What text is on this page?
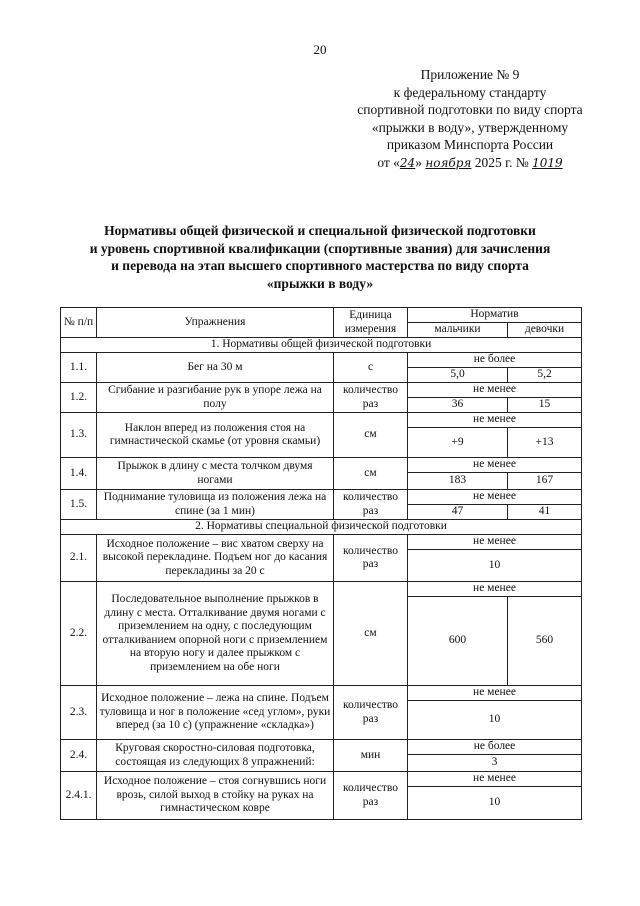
20
Приложение № 9
к федеральному стандарту
спортивной подготовки по виду спорта
«прыжки в воду», утвержденному
приказом Минспорта России
от «24» ноября 2025 г. № 1019
Нормативы общей физической и специальной физической подготовки
и уровень спортивной квалификации (спортивные звания) для зачисления
и перевода на этап высшего спортивного мастерства по виду спорта
«прыжки в воду»
№ п/п	Упражнения	Единица измерения	Норматив	
			мальчики	девочки
1. Нормативы общей физической подготовки				
1.1.	Бег на 30 м	с	не более	
			5,0	5,2
1.2.	Сгибание и разгибание рук в упоре лежа на полу	количество раз	не менее	
			36	15
1.3.	Наклон вперед из положения стоя на гимнастической скамье (от уровня скамьи)	см	не менее	
			+9	+13
1.4.	Прыжок в длину с места толчком двумя ногами	см	не менее	
			183	167
1.5.	Поднимание туловища из положения лежа на спине (за 1 мин)	количество раз	не менее	
			47	41
2. Нормативы специальной физической подготовки				
2.1.	Исходное положение – вис хватом сверху на высокой перекладине. Подъем ног до касания перекладины за 20 с	количество раз	не менее	
			10	
2.2.	Последовательное выполнение прыжков в длину с места. Отталкивание двумя ногами с приземлением на одну, с последующим отталкиванием опорной ноги с приземлением на вторую ногу и далее прыжком с приземлением на обе ноги	см	не менее	
			600	560
2.3.	Исходное положение – лежа на спине. Подъем туловища и ног в положение «сед углом», руки вперед (за 10 с) (упражнение «складка»)	количество раз	не менее	
			10	
2.4.	Круговая скоростно-силовая подготовка, состоящая из следующих 8 упражнений:	мин	не более	
			3	
2.4.1.	Исходное положение – стоя согнувшись ноги врозь, силой выход в стойку на руках на гимнастическом ковре	количество раз	не менее	
			10	
